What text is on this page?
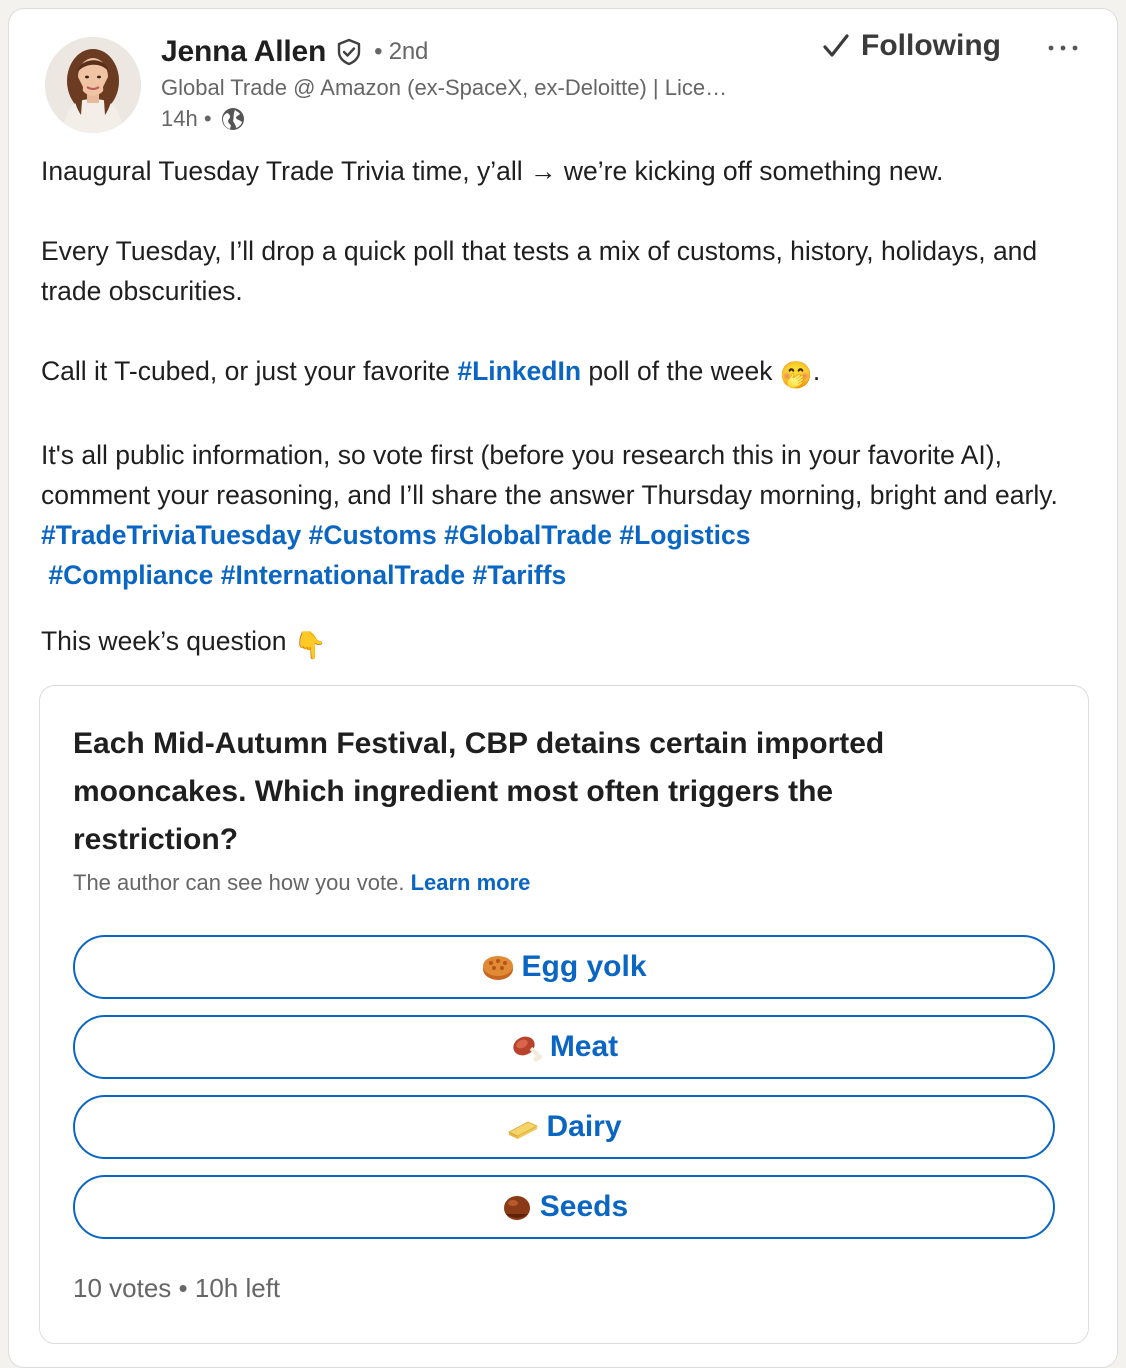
Jenna Allen • 2nd
Global Trade @ Amazon (ex-SpaceX, ex-Deloitte) | Lice…
14h •
Following

Inaugural Tuesday Trade Trivia time, y’all → we’re kicking off something new.

Every Tuesday, I’ll drop a quick poll that tests a mix of customs, history, holidays, and trade obscurities.

Call it T-cubed, or just your favorite #LinkedIn poll of the week 🤭.

It's all public information, so vote first (before you research this in your favorite AI), comment your reasoning, and I’ll share the answer Thursday morning, bright and early. #TradeTriviaTuesday #Customs #GlobalTrade #Logistics
#Compliance #InternationalTrade #Tariffs

This week’s question 👇

Each Mid-Autumn Festival, CBP detains certain imported mooncakes. Which ingredient most often triggers the restriction?
The author can see how you vote. Learn more
Egg yolk
Meat
Dairy
Seeds
10 votes • 10h left
